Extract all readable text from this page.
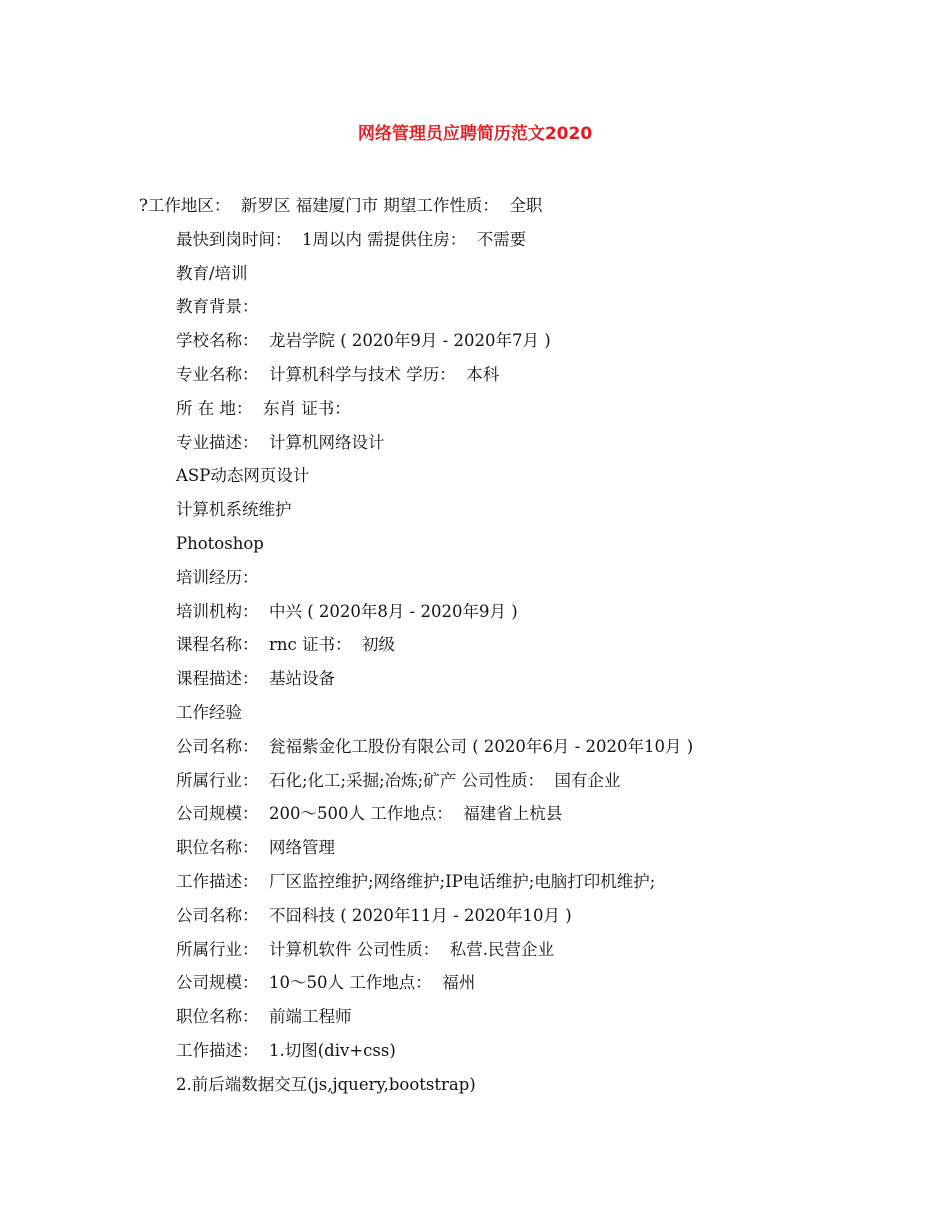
网络管理员应聘简历范文2020
?工作地区：  新罗区 福建厦门市 期望工作性质：  全职
最快到岗时间：  1周以内 需提供住房：  不需要
教育/培训
教育背景：
学校名称：  龙岩学院 ( 2020年9月 - 2020年7月 )
专业名称：  计算机科学与技术 学历：  本科
所 在 地：  东肖 证书：
专业描述：  计算机网络设计
ASP动态网页设计
计算机系统维护
Photoshop
培训经历：
培训机构：  中兴 ( 2020年8月 - 2020年9月 )
课程名称：  rnc 证书：  初级
课程描述：  基站设备
工作经验
公司名称：  瓮福紫金化工股份有限公司 ( 2020年6月 - 2020年10月 )
所属行业：  石化;化工;采掘;冶炼;矿产 公司性质：  国有企业
公司规模：  200～500人 工作地点：  福建省上杭县
职位名称：  网络管理
工作描述：  厂区监控维护;网络维护;IP电话维护;电脑打印机维护;
公司名称：  不囧科技 ( 2020年11月 - 2020年10月 )
所属行业：  计算机软件 公司性质：  私营.民营企业
公司规模：  10～50人 工作地点：  福州
职位名称：  前端工程师
工作描述：  1.切图(div+css)
2.前后端数据交互(js,jquery,bootstrap)
